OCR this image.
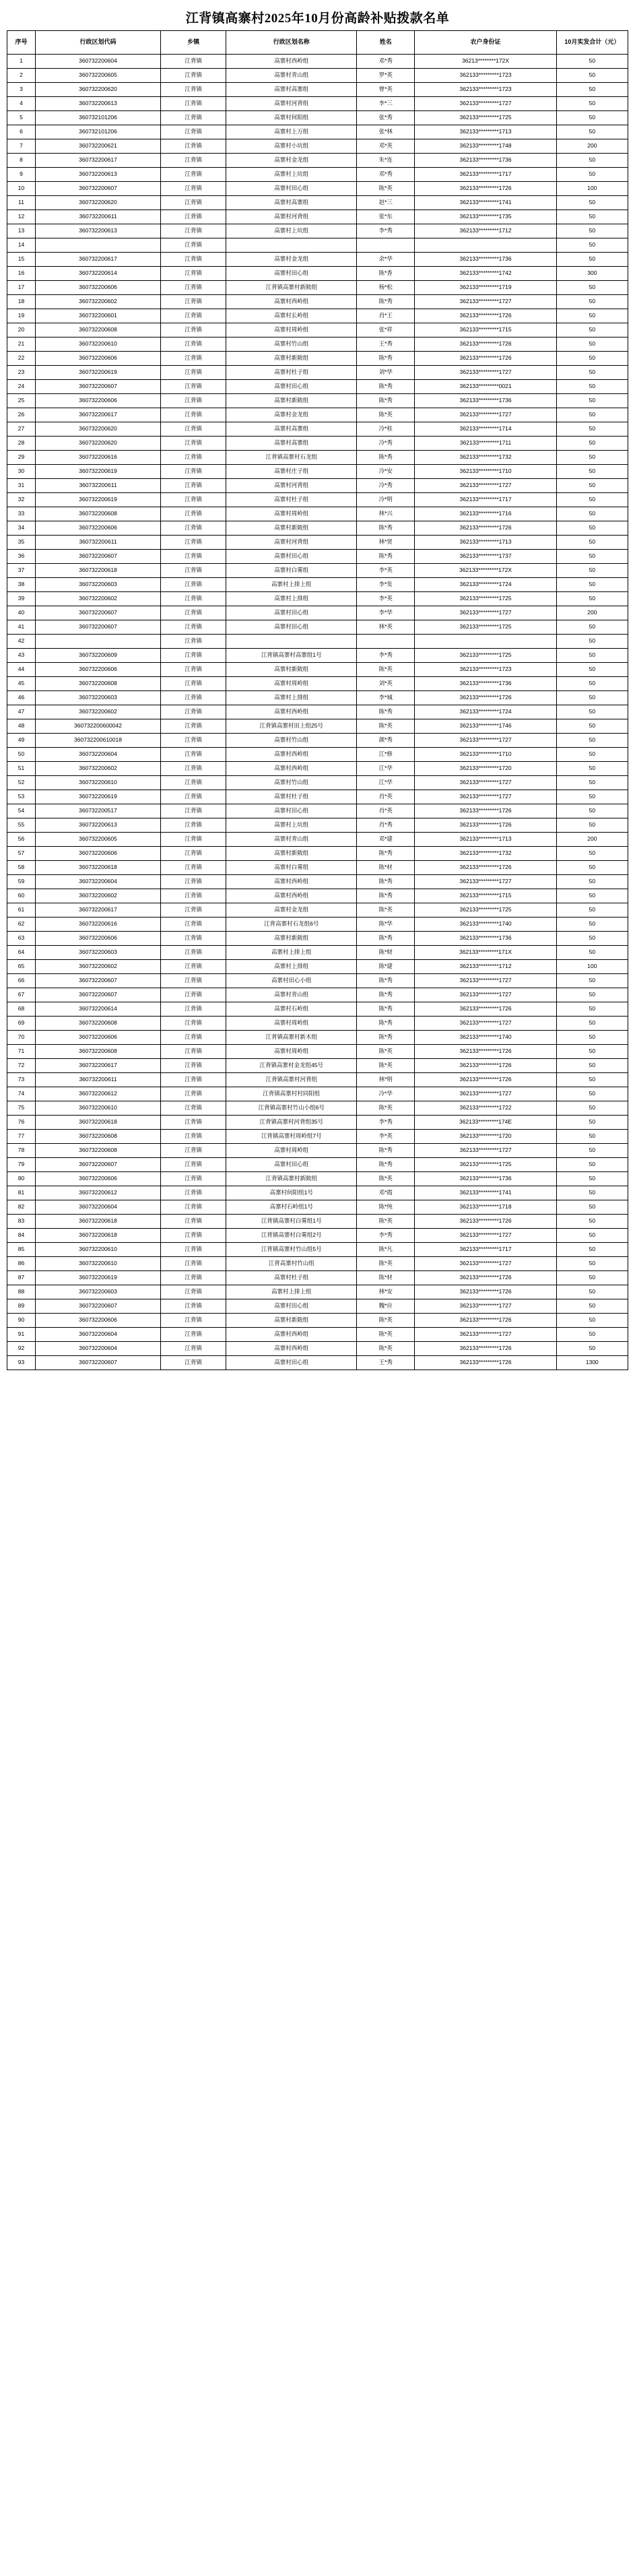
江背镇高寨村2025年10月份高龄补贴拨款名单
序号	行政区划代码	乡镇	行政区划名称	姓名	农户身份证	10月实发合计（元）
1	360732200604	江背镇	高寨村西岭组	邓*秀	36213********172X	50
2	360732200605	江背镇	高寨村青山组	罗*英	362133*********1723	50
3	360732200620	江背镇	高寨村高寨组	曾*英	362133*********1723	50
4	360732200613	江背镇	高寨村河背组	李*三	362133*********1727	50
5	360732101206	江背镇	高寨村何阳组	张*秀	362133*********1725	50
6	360732101206	江背镇	高寨村上万组	张*林	362133*********1713	50
7	360732200621	江背镇	高寨村小坑组	邓*英	362133*********1748	200
8	360732200617	江背镇	高寨村金龙组	朱*连	362133*********1736	50
9	360732200613	江背镇	高寨村上坑组	邓*秀	362133*********1717	50
10	360732200607	江背镇	高寨村田心组	陈*英	362133*********1726	100
11	360732200620	江背镇	高寨村高寨组	赵*三	362133*********1741	50
12	360732200611	江背镇	高寨村河背组	张*东	362133*********1735	50
13	360732200613	江背镇	高寨村上坑组	李*秀	362133*********1712	50
14		江背镇				50
15	360732200617	江背镇	高寨村金龙组	余*华	362133*********1736	50
16	360732200614	江背镇	高寨村田心组	陈*香	362133*********1742	300
17	360732200606	江背镇	江背镇高寨村新陂组	杨*松	362133*********1719	50
18	360732200602	江背镇	高寨村西岭组	陈*秀	362133*********1727	50
19	360732200601	江背镇	高寨村长岭组	肖*王	362133*********1726	50
20	360732200608	江背镇	高寨村周岭组	张*祥	362133*********1715	50
21	360732200610	江背镇	高寨村竹山组	王*秀	362133*********1726	50
22	360732200606	江背镇	高寨村新陂组	陈*秀	362133*********1726	50
23	360732200619	江背镇	高寨村杜子组	刘*华	362133*********1727	50
24	360732200607	江背镇	高寨村田心组	陈*秀	362133*********0021	50
25	360732200606	江背镇	高寨村新陂组	陈*秀	362133*********1736	50
26	360732200617	江背镇	高寨村金龙组	陈*英	362133*********1727	50
27	360732200620	江背镇	高寨村高寨组	冷*桂	362133*********1714	50
28	360732200620	江背镇	高寨村高寨组	冷*秀	362133*********1711	50
29	360732200616	江背镇	江背镇高寨村石龙组	陈*秀	362133*********1732	50
30	360732200619	江背镇	高寨村庄子组	冷*安	362133*********1710	50
31	360732200611	江背镇	高寨村河背组	冷*秀	362133*********1727	50
32	360732200619	江背镇	高寨村杜子组	冷*明	362133*********1717	50
33	360732200608	江背镇	高寨村周岭组	林*兴	362133*********1716	50
34	360732200606	江背镇	高寨村新陂组	陈*秀	362133*********1726	50
35	360732200611	江背镇	高寨村河背组	林*贤	362133*********1713	50
36	360732200607	江背镇	高寨村田心组	陈*秀	362133*********1737	50
37	360732200618	江背镇	高寨村白雾组	李*英	362133*********172X	50
38	360732200603	江背镇	高寨村上排上组	李*发	362133*********1724	50
39	360732200602	江背镇	高寨村上排组	李*英	362133*********1725	50
40	360732200607	江背镇	高寨村田心组	李*华	362133*********1727	200
41	360732200607	江背镇	高寨村田心组	林*英	362133*********1725	50
42		江背镇				50
43	360732200609	江背镇	江背镇高寨村高寨组1号	李*秀	362133*********1725	50
44	360732200606	江背镇	高寨村新陂组	陈*英	362133*********1723	50
45	360732200608	江背镇	高寨村周岭组	刘*英	362133*********1736	50
46	360732200603	江背镇	高寨村上排组	李*城	362133*********1726	50
47	360732200602	江背镇	高寨村西岭组	陈*秀	362133*********1724	50
48	360732200600042	江背镇	江背镇高寨村田上组25号	陈*英	362133*********1746	50
49	360732200610018	江背镇	高寨村竹山组	颜*秀	362133*********1727	50
50	360732200604	江背镇	高寨村西岭组	江*修	362133*********1710	50
51	360732200602	江背镇	高寨村西岭组	江*华	362133*********1720	50
52	360732200610	江背镇	高寨村竹山组	江*华	362133*********1727	50
53	360732200619	江背镇	高寨村杜子组	肖*英	362133*********1727	50
54	360732200517	江背镇	高寨村田心组	肖*英	362133*********1726	50
55	360732200613	江背镇	高寨村上坑组	肖*秀	362133*********1726	50
56	360732200605	江背镇	高寨村青山组	邓*建	362133*********1713	200
57	360732200606	江背镇	高寨村新陂组	陈*秀	362133*********1732	50
58	360732200618	江背镇	高寨村白雾组	陈*材	362133*********1726	50
59	360732200604	江背镇	高寨村西岭组	陈*秀	362133*********1727	50
60	360732200602	江背镇	高寨村西岭组	陈*秀	362133*********1715	50
61	360732200617	江背镇	高寨村金龙组	陈*英	362133*********1725	50
62	360732200616	江背镇	江背高寨村石龙组6号	陈*华	362133*********1740	50
63	360732200606	江背镇	高寨村新陂组	陈*秀	362133*********1736	50
64	360732200603	江背镇	高寨村上排上组	陈*财	362133*********171X	50
65	360732200602	江背镇	高寨村上排组	陈*建	362133*********1712	100
66	360732200607	江背镇	高寨村田心小组	陈*秀	362133*********1727	50
67	360732200607	江背镇	高寨村青山组	陈*秀	362133*********1727	50
68	360732200614	江背镇	高寨村石岭组	陈*秀	362133*********1726	50
69	360732200608	江背镇	高寨村周岭组	陈*秀	362133*********1727	50
70	360732200606	江背镇	江背镇高寨村新木组	陈*秀	362133*********1740	50
71	360732200608	江背镇	高寨村周岭组	陈*英	362133*********1726	50
72	360732200617	江背镇	江背镇高寨村金龙组45号	陈*英	362133*********1726	50
73	360732200611	江背镇	江背镇高寨村河背组	林*明	362133*********1726	50
74	360732200612	江背镇	江背镇高寨村村同阳组	冷*华	362133*********1727	50
75	360732200610	江背镇	江背镇高寨村竹山小组6号	陈*英	362133*********1722	50
76	360732200618	江背镇	江背镇高寨村河背组35号	李*秀	362133*********174E	50
77	360732200608	江背镇	江背镇高寨村周岭组7号	李*英	362133*********1720	50
78	360732200608	江背镇	高寨村周岭组	陈*秀	362133*********1727	50
79	360732200607	江背镇	高寨村田心组	陈*秀	362133*********1725	50
80	360732200606	江背镇	江背镇高寨村新陂组	陈*英	362133*********1736	50
81	360732200612	江背镇	高寨村何阳组1号	邓*霞	362133*********1741	50
82	360732200604	江背镇	高寨村石岭组1号	陈*纯	362133*********1718	50
83	360732200618	江背镇	江背镇高寨村白雾组1号	陈*英	362133*********1726	50
84	360732200618	江背镇	江背镇高寨村白雾组2号	李*秀	362133*********1727	50
85	360732200610	江背镇	江背镇高寨村竹山组5号	陈*凡	362133*********1717	50
86	360732200610	江背镇	江背高寨村竹山组	陈*英	362133*********1727	50
87	360732200619	江背镇	高寨村杜子组	陈*材	362133*********1726	50
88	360732200603	江背镇	高寨村上排上组	林*安	362133*********1726	50
89	360732200607	江背镇	高寨村田心组	魏*应	362133*********1727	50
90	360732200606	江背镇	高寨村新陂组	陈*英	362133*********1726	50
91	360732200604	江背镇	高寨村西岭组	陈*英	362133*********1727	50
92	360732200604	江背镇	高寨村西岭组	陈*英	362133*********1726	50
93	360732200607	江背镇	高寨村田心组	王*秀	362133*********1726	1300
